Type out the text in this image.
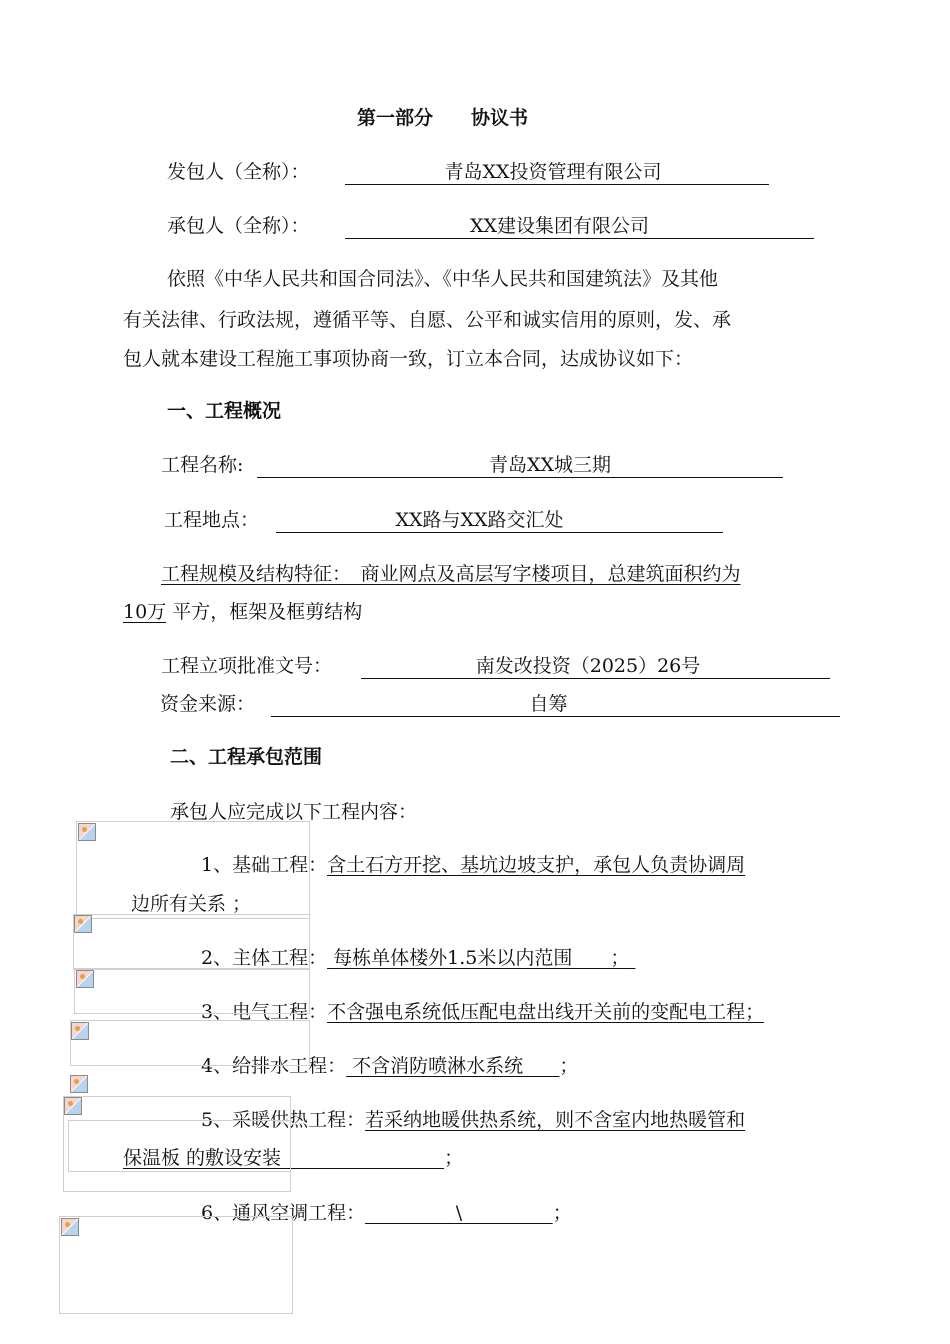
第一部分　　协议书
发包人（全称）：	青岛XX投资管理有限公司
承包人（全称）：	XX建设集团有限公司
依照《中华人民共和国合同法》、《中华人民共和国建筑法》及其他
有关法律、行政法规，遵循平等、自愿、公平和诚实信用的原则，发、承
包人就本建设工程施工事项协商一致，订立本合同，达成协议如下：
一、工程概况
工程名称:	青岛XX城三期
工程地点：	XX路与XX路交汇处
工程规模及结构特征：　商业网点及高层写字楼项目，总建筑面积约为
10万 平方，框架及框剪结构
工程立项批准文号：	南发改投资（2025）26号
资金来源：	自筹
二、工程承包范围
承包人应完成以下工程内容：
1、基础工程：含土石方开挖、基坑边坡支护，承包人负责协调周
边所有关系 ；
2、主体工程： 每栋单体楼外1.5米以内范围　　；
3、电气工程：不含强电系统低压配电盘出线开关前的变配电工程；
4、给排水工程： 不含消防喷淋水系统 ；
5、采暖供热工程：若采纳地暖供热系统，则不含室内地热暖管和
保温板 的敷设安装	；
6、通风空调工程：	\	；
